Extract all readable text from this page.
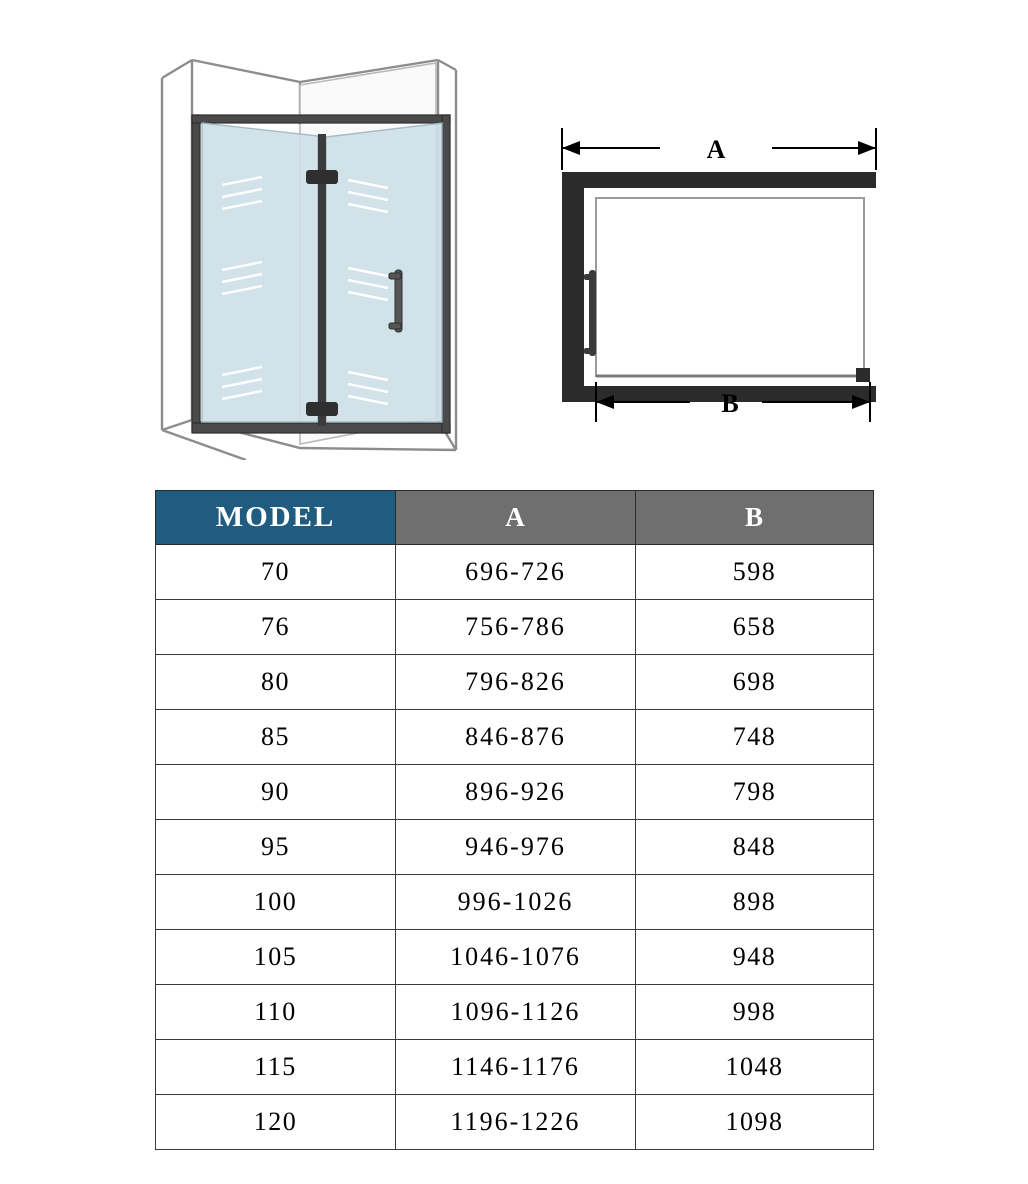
A
B
MODEL	A	B
70	696-726	598
76	756-786	658
80	796-826	698
85	846-876	748
90	896-926	798
95	946-976	848
100	996-1026	898
105	1046-1076	948
110	1096-1126	998
115	1146-1176	1048
120	1196-1226	1098
